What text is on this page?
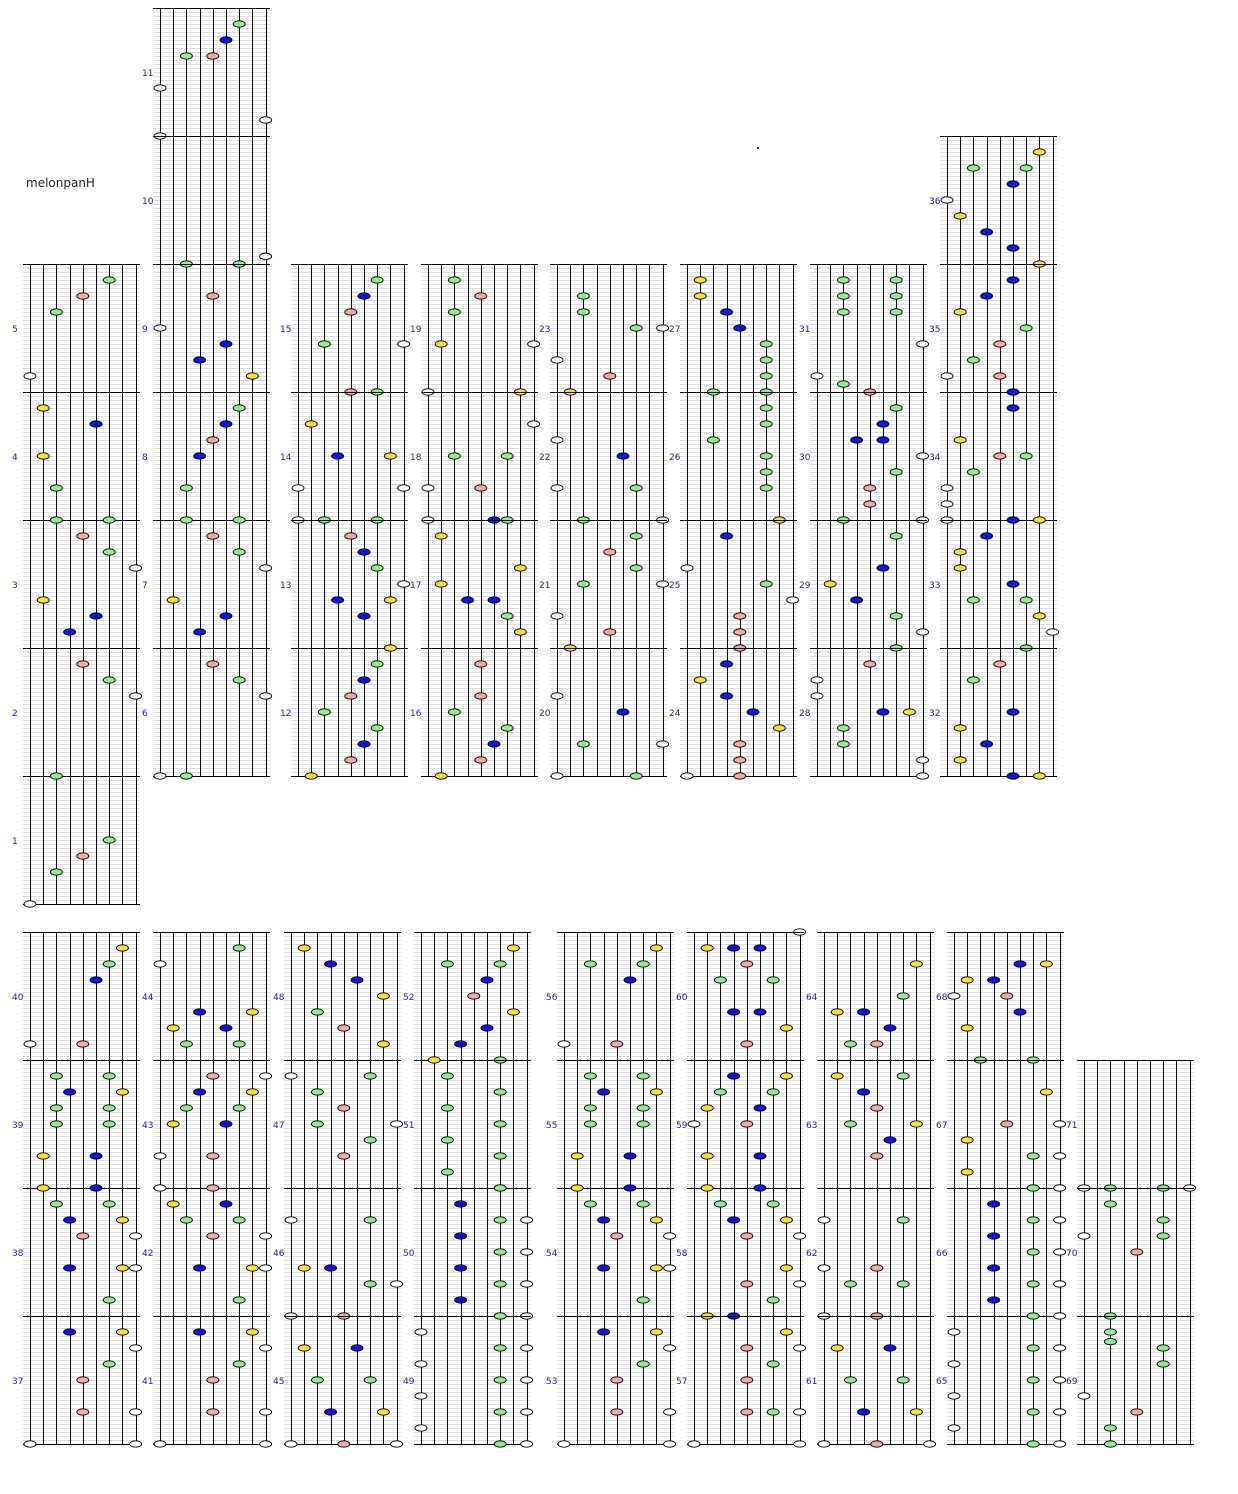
melonpanH
1
2
3
4
5
6
7
8
9
10
11
12
13
14
15
16
17
18
19
20
21
22
23
24
25
26
27
28
29
30
31
32
33
34
35
36
37
38
39
40
41
42
43
44
45
46
47
48
49
50
51
52
53
54
55
56
57
58
59
60
61
62
63
64
65
66
67
68
69
70
71
